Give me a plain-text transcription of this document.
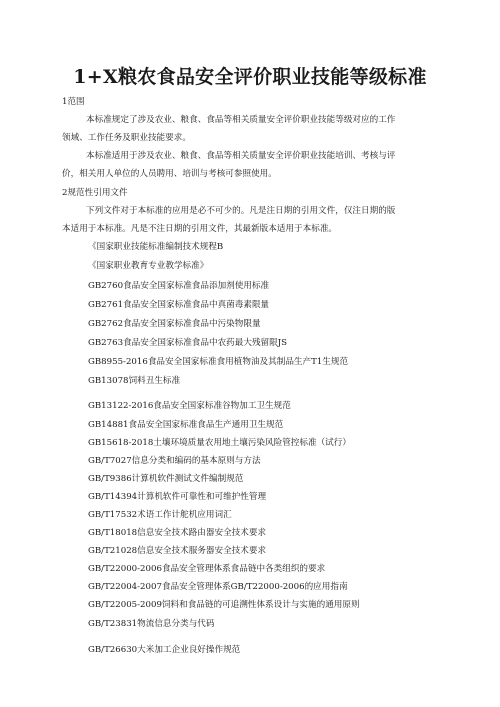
1+X粮农食品安全评价职业技能等级标准
1范围
本标准规定了涉及农业、粮食、食品等相关质量安全评价职业技能等级对应的工作
领域、工作任务及职业技能要求。
本标准适用于涉及农业、粮食、食品等相关质量安全评价职业技能培训、考核与评
价，相关用人单位的人员聘用、培训与考核可参照使用。
2规范性引用文件
下列文件对于本标准的应用是必不可少的。凡是注日期的引用文件，仅注日期的版
本适用于本标准。凡是不注日期的引用文件，其最新版本适用于本标准。
《国家职业技能标准编制技术规程B
《国家职业教育专业教学标准》
GB2760食品安全国家标准食品添加剂使用标准
GB2761食品安全国家标准食品中真菌毒素限量
GB2762食品安全国家标准食品中污染物限量
GB2763食品安全国家标准食品中农药最大残留限JS
GB8955-2016食品安全国家标准食用植物油及其制品生产T1生规范
GB13078饲料丑生标准
GB13122-2016食品安全国家标准谷物加工卫生规范
GB14881食品安全国家标准食品生产通用卫生规范
GB15618-2018土壤环境质量农用地土壤污染风险管控标准（试行）
GB/T7027信息分类和编码的基本原则与方法
GB/T9386计算机软件测试文件编制规范
GB/T14394计算机软件可靠性和可维护性管理
GB/T17532术语工作计舵机应用词汇
GB/T18018信息安全技术路由器安全技术要求
GB/T21028信息安全技术服务器安全技术要求
GB/T22000-2006食品安全管理体系食品链中各类组织的要求
GB/T22004-2007食品安全管理体系GB/T22000-2006的应用指南
GB/T22005-2009饲料和食品链的可追溯性体系设计与实施的通用原则
GB/T23831物流信息分类与代码
GB/T26630大米加工企业良好操作规范
